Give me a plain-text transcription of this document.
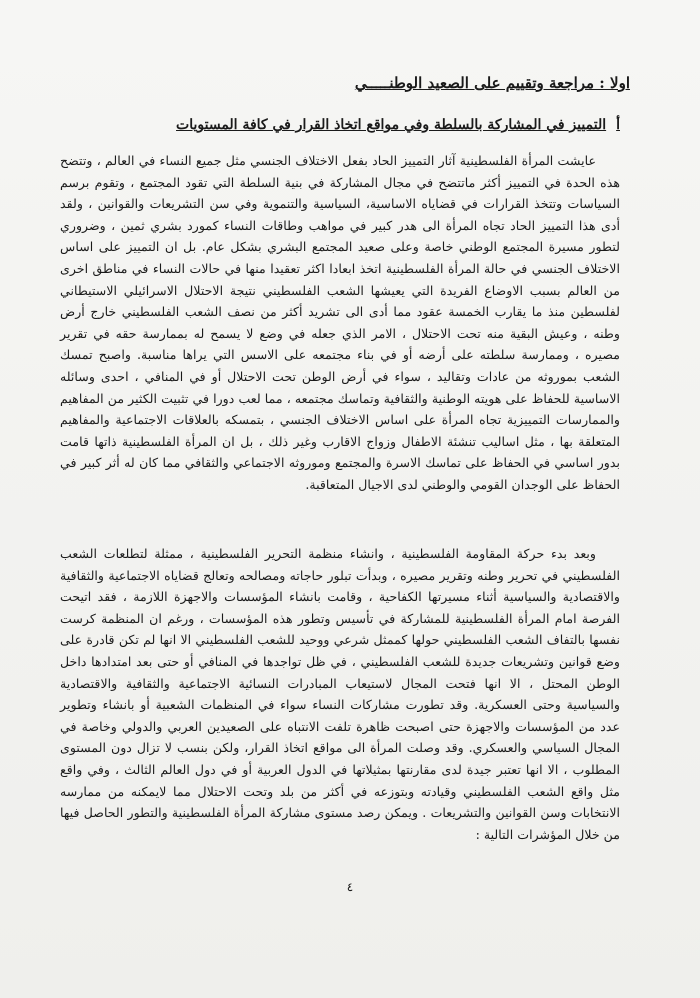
اولا : مراجعة وتقييم على الصعيد الوطنـــــي
أالتمييز في المشاركة بالسلطة وفي مواقع اتخاذ القرار في كافة المستويات

عايشت المرأة الفلسطينية آثار التمييز الحاد بفعل الاختلاف الجنسي مثل جميع النساء في العالم ، وتتضح هذه الحدة في التمييز أكثر ماتتضح في مجال المشاركة في بنية السلطة التي تقود المجتمع ، وتقوم برسم السياسات وتتخذ القرارات في قضاياه الاساسية، السياسية والتنموية وفي سن التشريعات والقوانين ، ولقد أدى هذا التمييز الحاد تجاه المرأة الى هدر كبير في مواهب وطاقات النساء كمورد بشري ثمين ، وضروري لتطور مسيرة المجتمع الوطني خاصة وعلى صعيد المجتمع البشري بشكل عام. بل ان التمييز على اساس الاختلاف الجنسي في حالة المرأة الفلسطينية اتخذ ابعادا اكثر تعقيدا منها في حالات النساء في مناطق اخرى من العالم بسبب الاوضاع الفريدة التي يعيشها الشعب الفلسطيني نتيجة الاحتلال الاسرائيلي الاستيطاني لفلسطين منذ ما يقارب الخمسة عقود مما أدى الى تشريد أكثر من نصف الشعب الفلسطيني خارج أرض وطنه ، وعيش البقية منه تحت الاحتلال ، الامر الذي جعله في وضع لا يسمح له بممارسة حقه في تقرير مصيره ، وممارسة سلطته على أرضه أو في بناء مجتمعه على الاسس التي يراها مناسبة. واصبح تمسك الشعب بموروثه من عادات وتقاليد ، سواء في أرض الوطن تحت الاحتلال أو في المنافي ، احدى وسائله الاساسية للحفاظ على هويته الوطنية والثقافية وتماسك مجتمعه ، مما لعب دورا في تثبيت الكثير من المفاهيم والممارسات التمييزية تجاه المرأة على اساس الاختلاف الجنسي ، بتمسكه بالعلاقات الاجتماعية والمفاهيم المتعلقة بها ، مثل اساليب تنشئة الاطفال وزواج الاقارب وغير ذلك ، بل ان المرأة الفلسطينية ذاتها قامت بدور اساسي في الحفاظ على تماسك الاسرة والمجتمع وموروثه الاجتماعي والثقافي مما كان له أثر كبير في الحفاظ على الوجدان القومي والوطني لدى الاجيال المتعاقبة.

وبعد بدء حركة المقاومة الفلسطينية ، وانشاء منظمة التحرير الفلسطينية ، ممثلة لتطلعات الشعب الفلسطيني في تحرير وطنه وتقرير مصيره ، وبدأت تبلور حاجاته ومصالحه وتعالج قضاياه الاجتماعية والثقافية والاقتصادية والسياسية أثناء مسيرتها الكفاحية ، وقامت بانشاء المؤسسات والاجهزة اللازمة ، فقد اتيحت الفرصة امام المرأة الفلسطينية للمشاركة في تأسيس وتطور هذه المؤسسات ، ورغم ان المنظمة كرست نفسها بالتفاف الشعب الفلسطيني حولها كممثل شرعي ووحيد للشعب الفلسطيني الا انها لم تكن قادرة على وضع قوانين وتشريعات جديدة للشعب الفلسطيني ، في ظل تواجدها في المنافي أو حتى بعد امتدادها داخل الوطن المحتل ، الا انها فتحت المجال لاستيعاب المبادرات النسائية الاجتماعية والثقافية والاقتصادية والسياسية وحتى العسكرية. وقد تطورت مشاركات النساء سواء في المنظمات الشعبية أو بانشاء وتطوير عدد من المؤسسات والاجهزة حتى اصبحت ظاهرة تلفت الانتباه على الصعيدين العربي والدولي وخاصة في المجال السياسي والعسكري. وقد وصلت المرأة الى مواقع اتخاذ القرار، ولكن بنسب لا تزال دون المستوى المطلوب ، الا انها تعتبر جيدة لدى مقارنتها بمثيلاتها في الدول العربية أو في دول العالم الثالث ، وفي واقع مثل واقع الشعب الفلسطيني وقيادته وبتوزعه في أكثر من بلد وتحت الاحتلال مما لايمكنه من ممارسه الانتخابات وسن القوانين والتشريعات . ويمكن رصد مستوى مشاركة المرأة الفلسطينية والتطور الحاصل فيها من خلال المؤشرات التالية :

٤
